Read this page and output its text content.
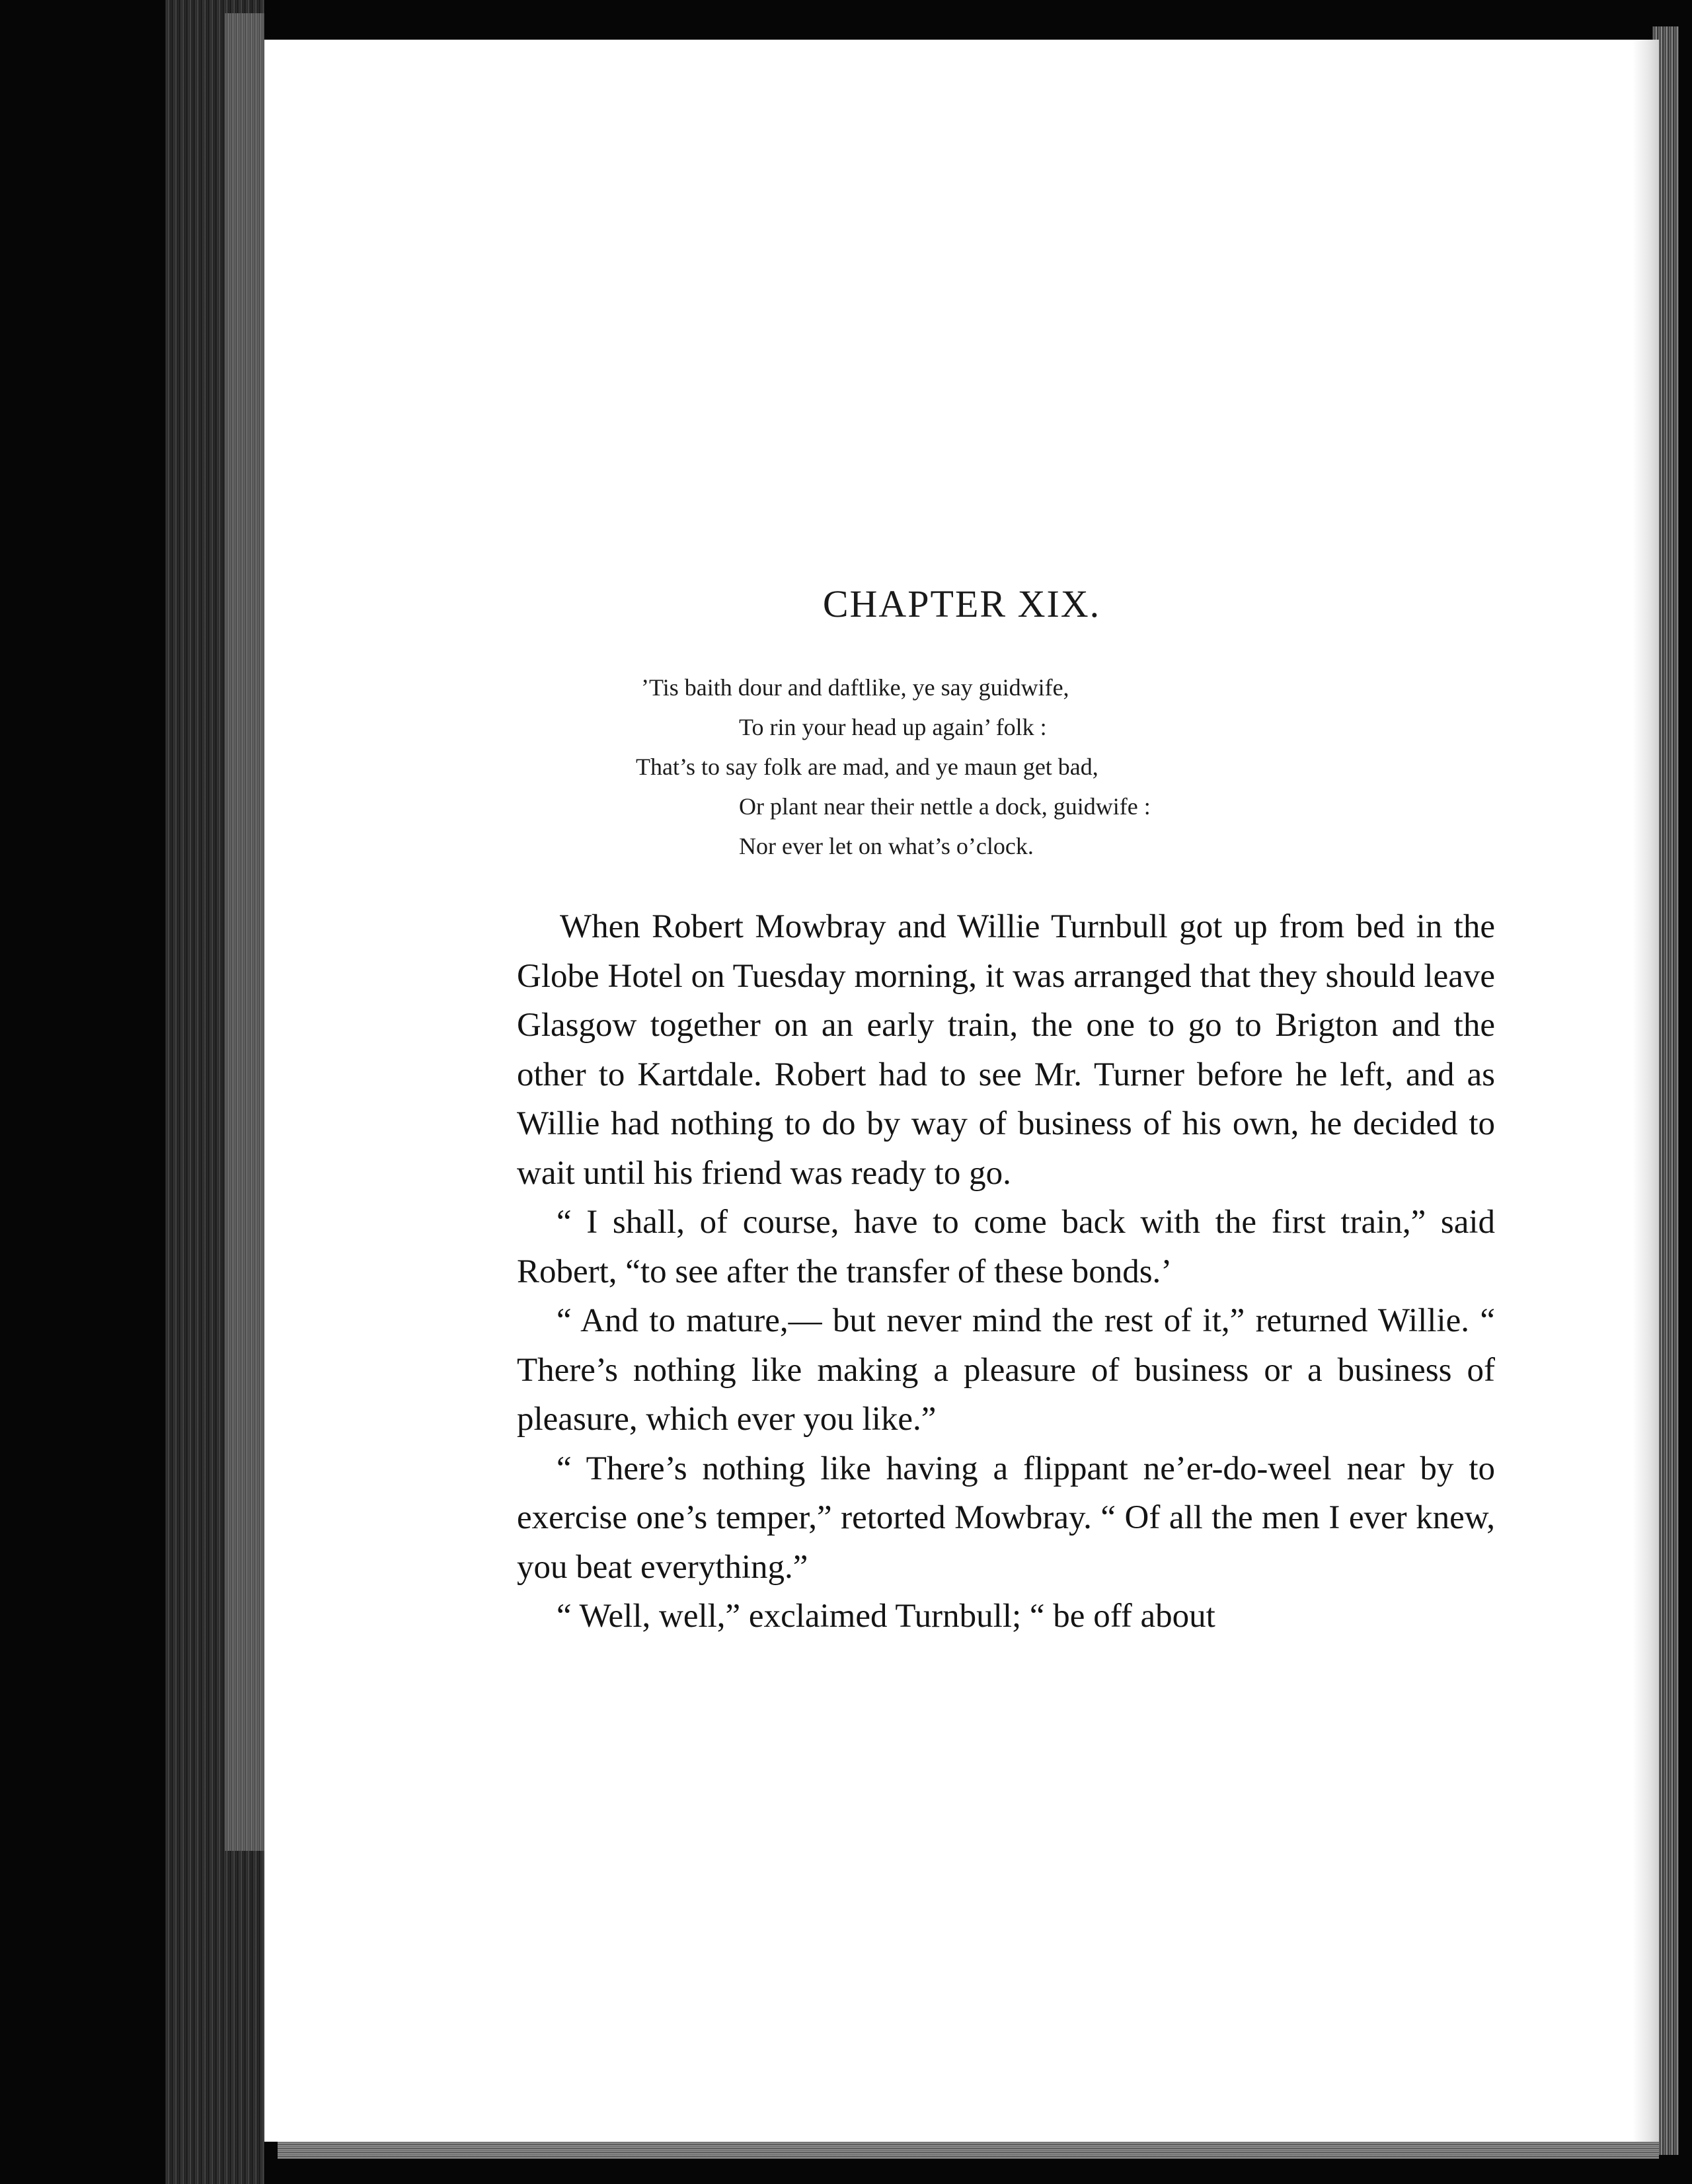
CHAPTER XIX.
’Tis baith dour and daftlike, ye say guidwife,
To rin your head up again’ folk :
That’s to say folk are mad, and ye maun get bad,
Or plant near their nettle a dock, guidwife :
Nor ever let on what’s o’clock.

When Robert Mowbray and Willie Turnbull got up from bed in the Globe Hotel on Tuesday morning, it was arranged that they should leave Glasgow together on an early train, the one to go to Brigton and the other to Kartdale. Robert had to see Mr. Turner before he left, and as Willie had nothing to do by way of business of his own, he decided to wait until his friend was ready to go.

“ I shall, of course, have to come back with the first train,” said Robert, “to see after the transfer of these bonds.’

“ And to mature,— but never mind the rest of it,” returned Willie. “ There’s nothing like making a pleasure of business or a business of pleasure, which ever you like.”

“ There’s nothing like having a flippant ne’er-do-weel near by to exercise one’s temper,” retorted Mowbray. “ Of all the men I ever knew, you beat everything.”

“ Well, well,” exclaimed Turnbull; “ be off about
